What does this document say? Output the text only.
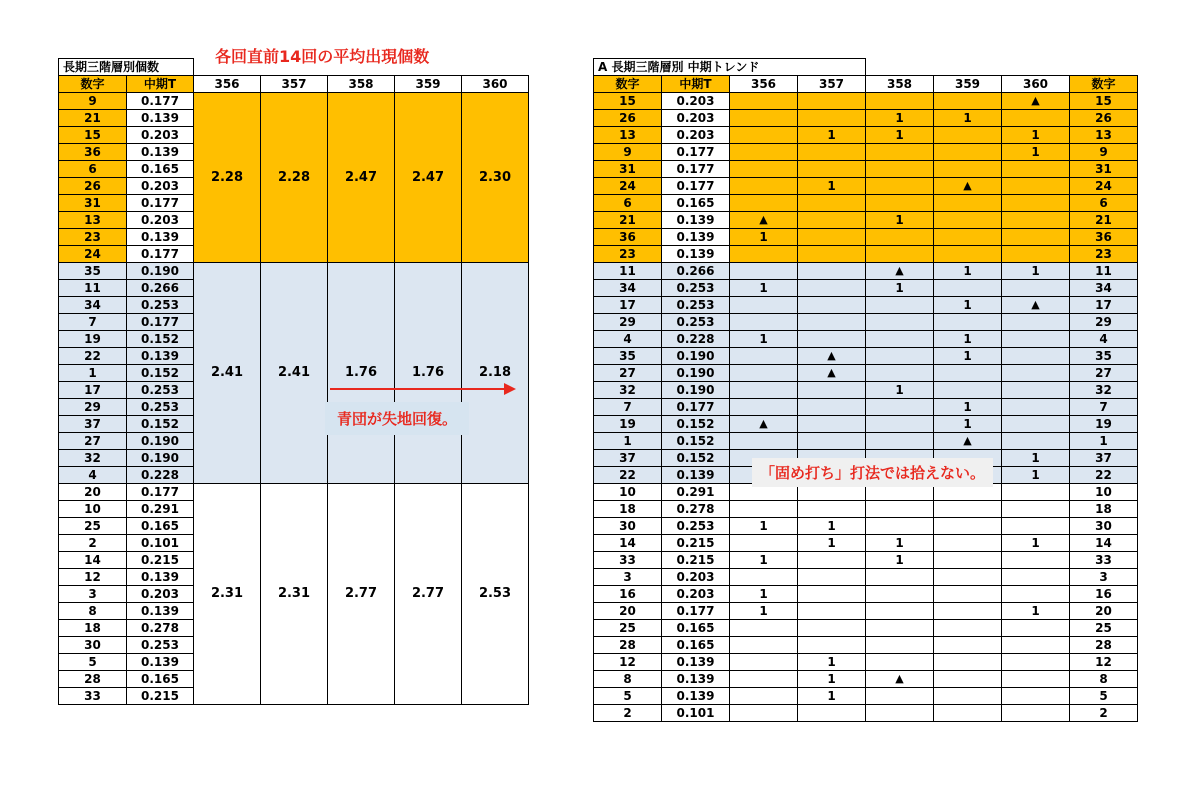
長期三階層別個数						
数字	中期T	356	357	358	359	360
9	0.177	2.28	2.28	2.47	2.47	2.30
21	0.139					
15	0.203					
36	0.139					
6	0.165					
26	0.203					
31	0.177					
13	0.203					
23	0.139					
24	0.177					
35	0.190	2.41	2.41	1.76	1.76	2.18
11	0.266					
34	0.253					
7	0.177					
19	0.152					
22	0.139					
1	0.152					
17	0.253					
29	0.253					
37	0.152					
27	0.190					
32	0.190					
4	0.228					
20	0.177	2.31	2.31	2.77	2.77	2.53
10	0.291					
25	0.165					
2	0.101					
14	0.215					
12	0.139					
3	0.203					
8	0.139					
18	0.278					
30	0.253					
5	0.139					
28	0.165					
33	0.215					
各回直前14回の平均出現個数
青団が失地回復。
A 長期三階層別 中期トレンド							
数字	中期T	356	357	358	359	360	数字
15	0.203					▲	15
26	0.203			1	1		26
13	0.203		1	1		1	13
9	0.177					1	9
31	0.177						31
24	0.177		1		▲		24
6	0.165						6
21	0.139	▲		1			21
36	0.139	1					36
23	0.139						23
11	0.266			▲	1	1	11
34	0.253	1		1			34
17	0.253				1	▲	17
29	0.253						29
4	0.228	1			1		4
35	0.190		▲		1		35
27	0.190		▲				27
32	0.190			1			32
7	0.177				1		7
19	0.152	▲			1		19
1	0.152				▲		1
37	0.152					1	37
22	0.139					1	22
10	0.291						10
18	0.278						18
30	0.253	1	1				30
14	0.215		1	1		1	14
33	0.215	1		1			33
3	0.203						3
16	0.203	1					16
20	0.177	1				1	20
25	0.165						25
28	0.165						28
12	0.139		1				12
8	0.139		1	▲			8
5	0.139		1				5
2	0.101						2
「固め打ち」打法では拾えない。
